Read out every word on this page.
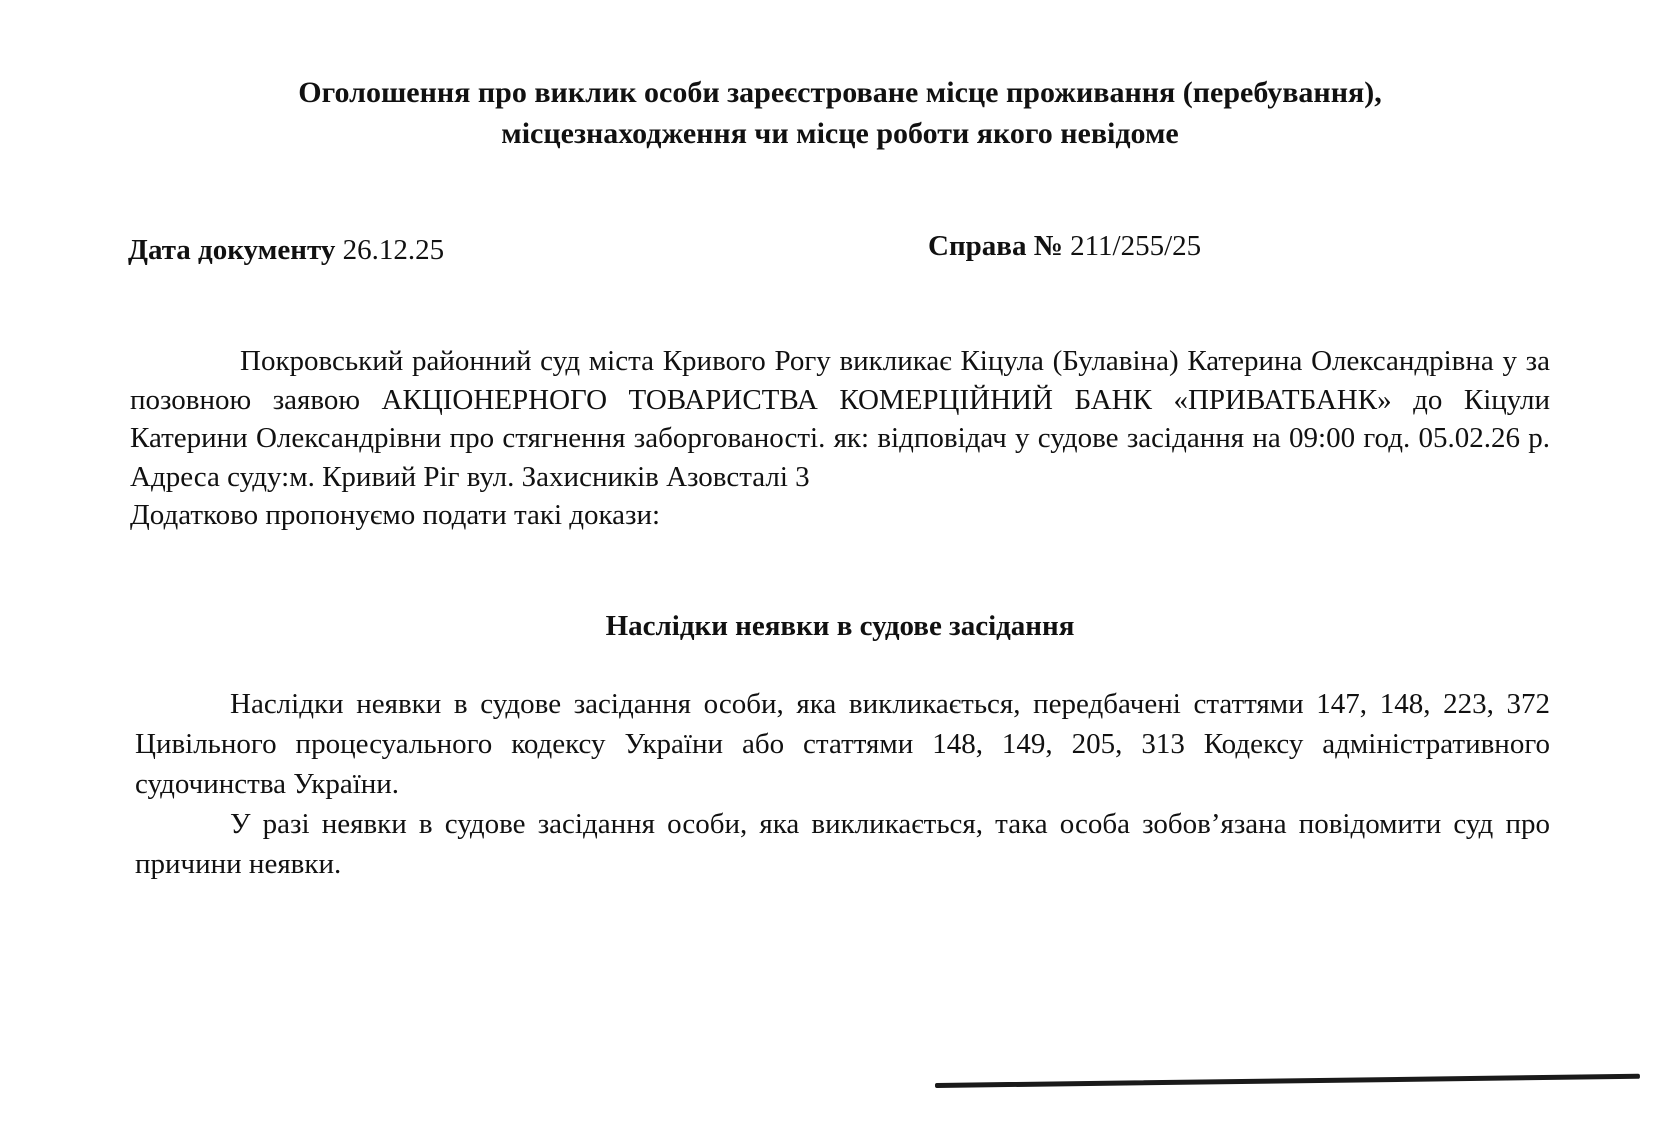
Оголошення про виклик особи зареєстроване місце проживання (перебування),
місцезнаходження чи місце роботи якого невідоме
Дата документу 26.12.25	Справа № 211/255/25

Покровський районний суд міста Кривого Рогу викликає Кіцула (Булавіна) Катерина Олександрівна у за позовною заявою АКЦІОНЕРНОГО ТОВАРИСТВА КОМЕРЦІЙНИЙ БАНК «ПРИВАТБАНК» до Кіцули Катерини Олександрівни про стягнення заборгованості. як: відповідач у судове засідання на 09:00 год. 05.02.26 р. Адреса суду:м. Кривий Ріг вул. Захисників Азовсталі 3

Додатково пропонуємо подати такі докази:

Наслідки неявки в судове засідання

Наслідки неявки в судове засідання особи, яка викликається, передбачені статтями 147, 148, 223, 372 Цивільного процесуального кодексу України або статтями 148, 149, 205, 313 Кодексу адміністративного судочинства України.

У разі неявки в судове засідання особи, яка викликається, така особа зобов’язана повідомити суд про причини неявки.
